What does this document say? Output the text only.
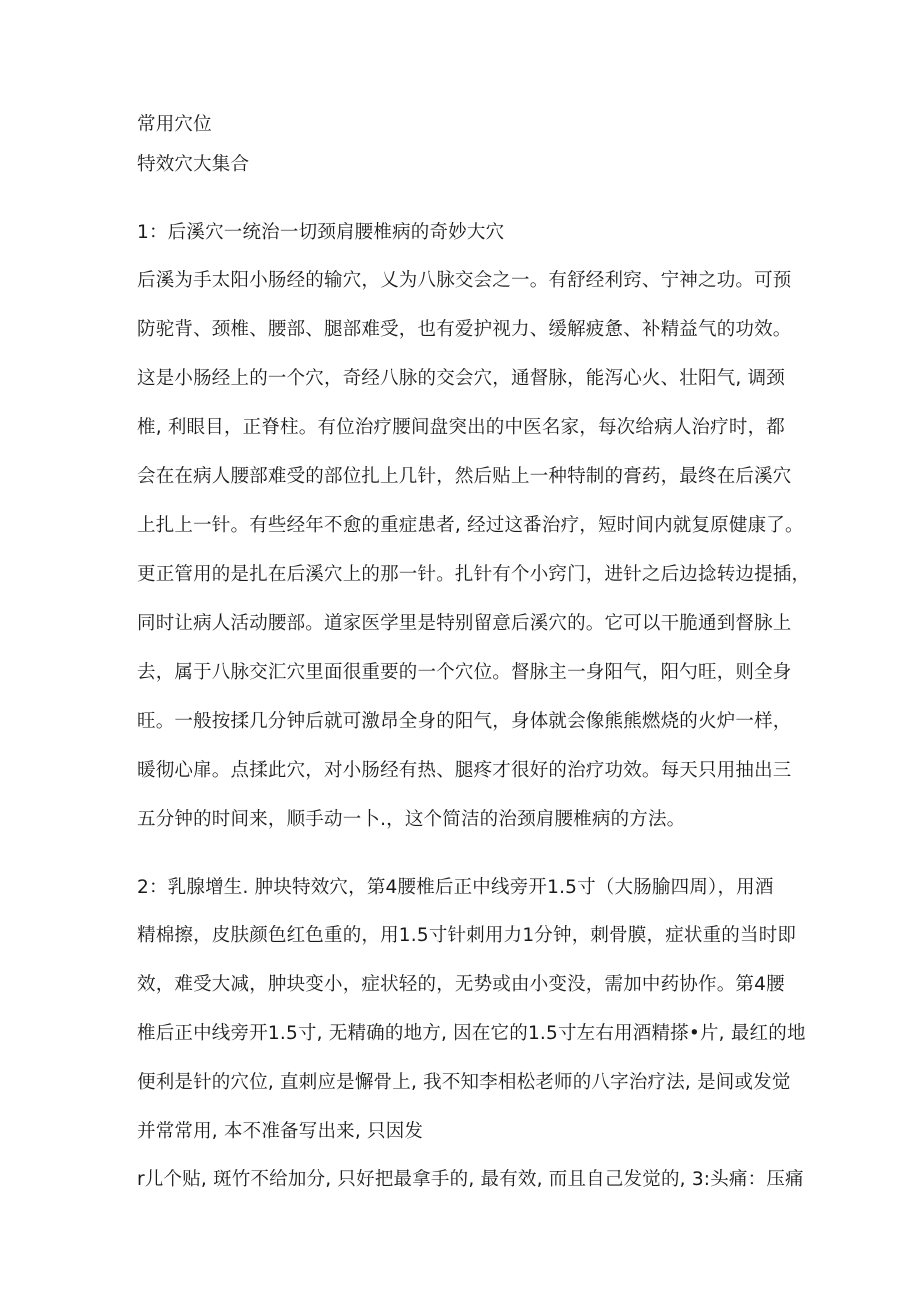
常用穴位
特效穴大集合
1：后溪穴一统治一切颈肩腰椎病的奇妙大穴
后溪为手太阳小肠经的输穴，乂为八脉交会之一。有舒经利窍、宁神之功。可预
防驼背、颈椎、腰部、腿部难受，也有爱护视力、缓解疲惫、补精益气的功效。
这是小肠经上的一个穴，奇经八脉的交会穴，通督脉，能泻心火、壮阳气, 调颈
椎, 利眼目，正脊柱。有位治疗腰间盘突出的中医名家，每次给病人治疗时，都
会在在病人腰部难受的部位扎上几针，然后贴上一种特制的膏药，最终在后溪穴
上扎上一针。有些经年不愈的重症患者, 经过这番治疗，短时间内就复原健康了。
更正管用的是扎在后溪穴上的那一针。扎针有个小窍门，进针之后边捻转边提插，
同时让病人活动腰部。道家医学里是特别留意后溪穴的。它可以干脆通到督脉上
去，属于八脉交汇穴里面很重要的一个穴位。督脉主一身阳气，阳勺旺，则全身
旺。一般按揉几分钟后就可激昂全身的阳气，身体就会像熊熊燃烧的火炉一样，
暖彻心扉。点揉此穴，对小肠经有热、腿疼才很好的治疗功效。每天只用抽出三
五分钟的时间来，顺手动一卜.，这个简洁的治颈肩腰椎病的方法。
2：乳腺增生. 肿块特效穴，第4腰椎后正中线旁开1.5寸（大肠腧四周），用酒
精棉擦，皮肤颜色红色重的，用1.5寸针刺用力1分钟，刺骨膜，症状重的当时即
效，难受大减，肿块变小，症状轻的，无势或由小变没，需加中药协作。第4腰
椎后正中线旁开1.5寸, 无精确的地方, 因在它的1.5寸左右用酒精搽•片, 最红的地
便利是针的穴位, 直刺应是懈骨上, 我不知李相松老师的八字治疗法, 是间或发觉
并常常用, 本不准备写出来, 只因发
r儿个贴, 斑竹不给加分, 只好把最拿手的, 最有效, 而且自己发觉的, 3:头痛：压痛
